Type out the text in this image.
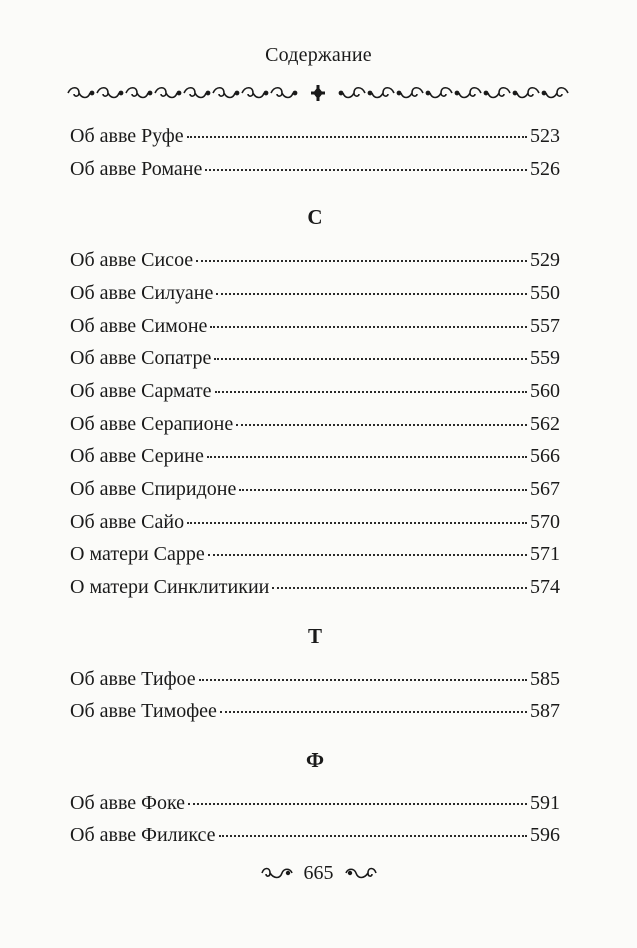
Содержание
Об авве Руфе	523
Об авве Романе	526
С
Об авве Сисое	529
Об авве Силуане	550
Об авве Симоне	557
Об авве Сопатре	559
Об авве Сармате	560
Об авве Серапионе	562
Об авве Серине	566
Об авве Спиридоне	567
Об авве Сайо	570
О матери Сарре	571
О матери Синклитикии	574
Т
Об авве Тифое	585
Об авве Тимофее	587
Ф
Об авве Фоке	591
Об авве Филиксе	596
665
